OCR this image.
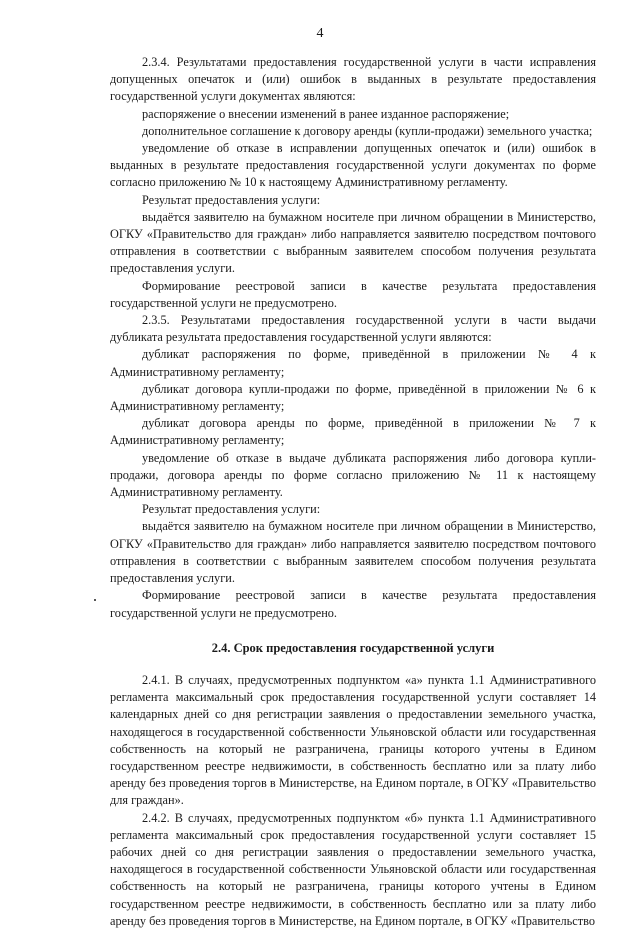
4

2.3.4. Результатами предоставления государственной услуги в части исправления допущенных опечаток и (или) ошибок в выданных в результате предоставления государственной услуги документах являются:

распоряжение о внесении изменений в ранее изданное распоряжение;

дополнительное соглашение к договору аренды (купли-продажи) земельного участка;

уведомление об отказе в исправлении допущенных опечаток и (или) ошибок в выданных в результате предоставления государственной услуги документах по форме согласно приложению № 10 к настоящему Административному регламенту.

Результат предоставления услуги:

выдаётся заявителю на бумажном носителе при личном обращении в Министерство, ОГКУ «Правительство для граждан» либо направляется заявителю посредством почтового отправления в соответствии с выбранным заявителем способом получения результата предоставления услуги.

Формирование реестровой записи в качестве результата предоставления государственной услуги не предусмотрено.

2.3.5. Результатами предоставления государственной услуги в части выдачи дубликата результата предоставления государственной услуги являются:

дубликат распоряжения по форме, приведённой в приложении № 4 к Административному регламенту;

дубликат договора купли-продажи по форме, приведённой в приложении № 6 к Административному регламенту;

дубликат договора аренды по форме, приведённой в приложении № 7 к Административному регламенту;

уведомление об отказе в выдаче дубликата распоряжения либо договора купли-продажи, договора аренды по форме согласно приложению № 11 к настоящему Административному регламенту.

Результат предоставления услуги:

выдаётся заявителю на бумажном носителе при личном обращении в Министерство, ОГКУ «Правительство для граждан» либо направляется заявителю посредством почтового отправления в соответствии с выбранным заявителем способом получения результата предоставления услуги.

Формирование реестровой записи в качестве результата предоставления государственной услуги не предусмотрено.

2.4. Срок предоставления государственной услуги

2.4.1. В случаях, предусмотренных подпунктом «а» пункта 1.1 Административного регламента максимальный срок предоставления государственной услуги составляет 14 календарных дней со дня регистрации заявления о предоставлении земельного участка, находящегося в государственной собственности Ульяновской области или государственная собственность на который не разграничена, границы которого учтены в Едином государственном реестре недвижимости, в собственность бесплатно или за плату либо аренду без проведения торгов в Министерстве, на Едином портале, в ОГКУ «Правительство для граждан».

2.4.2. В случаях, предусмотренных подпунктом «б» пункта 1.1 Административного регламента максимальный срок предоставления государственной услуги составляет 15 рабочих дней со дня регистрации заявления о предоставлении земельного участка, находящегося в государственной собственности Ульяновской области или государственная собственность на который не разграничена, границы которого учтены в Едином государственном реестре недвижимости, в собственность бесплатно или за плату либо аренду без проведения торгов в Министерстве, на Едином портале, в ОГКУ «Правительство
